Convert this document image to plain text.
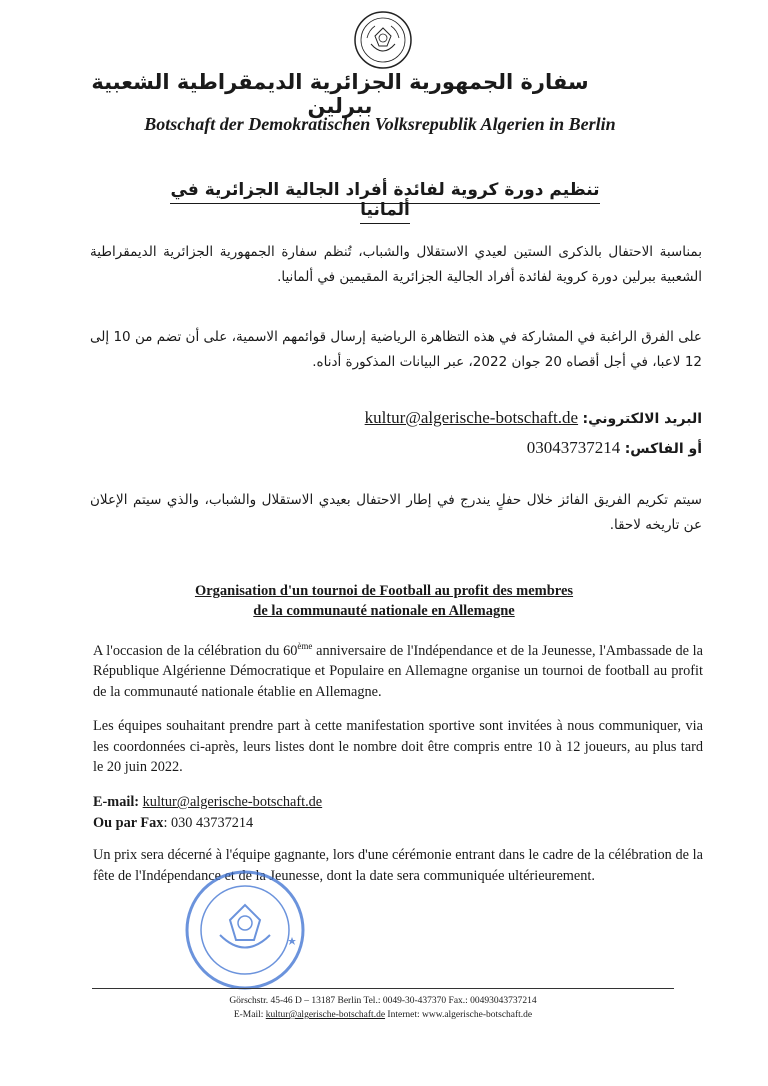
سفارة الجمهورية الجزائرية الديمقراطية الشعبية ببرلين
Botschaft der Demokratischen Volksrepublik Algerien in Berlin
تنظيم دورة كروية لفائدة أفراد الجالية الجزائرية في ألمانيا
بمناسبة الاحتفال بالذكرى الستين لعيدي الاستقلال والشباب، تُنظم سفارة الجمهورية الجزائرية الديمقراطية الشعبية ببرلين دورة كروية لفائدة أفراد الجالية الجزائرية المقيمين في ألمانيا.
على الفرق الراغبة في المشاركة في هذه التظاهرة الرياضية إرسال قوائمهم الاسمية، على أن تضم من 10 إلى 12 لاعبا، في أجل أقصاه 20 جوان 2022، عبر البيانات المذكورة أدناه.
البريد الالكتروني: kultur@algerische-botschaft.de
أو الفاكس: 03043737214
سيتم تكريم الفريق الفائز خلال حفلٍ يندرج في إطار الاحتفال بعيدي الاستقلال والشباب، والذي سيتم الإعلان عن تاريخه لاحقا.
Organisation d'un tournoi de Football au profit des membres
de la communauté nationale en Allemagne
A l'occasion de la célébration du 60ème anniversaire de l'Indépendance et de la Jeunesse, l'Ambassade de la République Algérienne Démocratique et Populaire en Allemagne organise un tournoi de football au profit de la communauté nationale établie en Allemagne.
Les équipes souhaitant prendre part à cette manifestation sportive sont invitées à nous communiquer, via les coordonnées ci-après, leurs listes dont le nombre doit être compris entre 10 à 12 joueurs, au plus tard le 20 juin 2022.
E-mail: kultur@algerische-botschaft.de
Ou par Fax: 030 43737214
Un prix sera décerné à l'équipe gagnante, lors d'une cérémonie entrant dans le cadre de la célébration de la fête de l'Indépendance et de la Jeunesse, dont la date sera communiquée ultérieurement.
Görschstr. 45-46 D – 13187 Berlin Tel.: 0049-30-437370 Fax.: 00493043737214
E-Mail: kultur@algerische-botschaft.de Internet: www.algerische-botschaft.de
